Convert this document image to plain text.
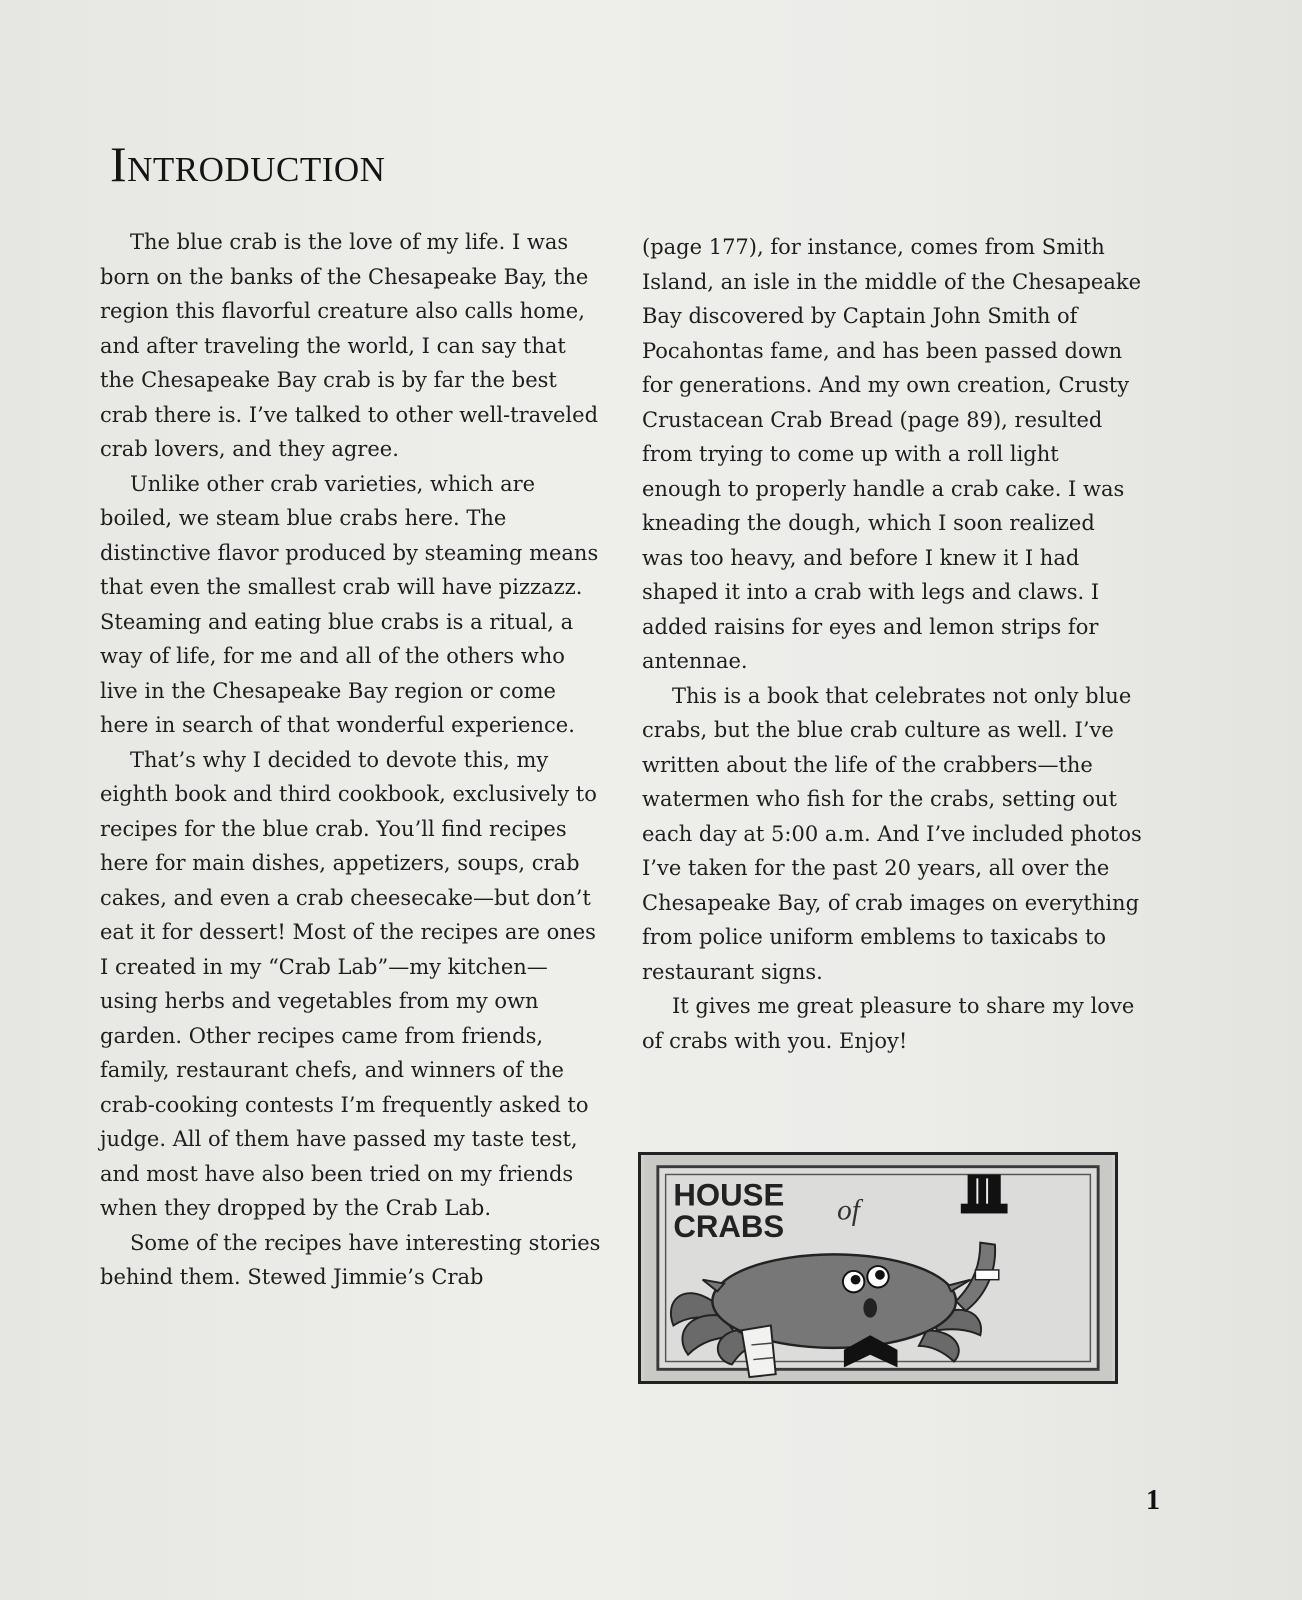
Introduction

The blue crab is the love of my life. I was born on the banks of the Chesapeake Bay, the region this flavorful creature also calls home, and after traveling the world, I can say that the Chesapeake Bay crab is by far the best crab there is. I’ve talked to other well-traveled crab lovers, and they agree.

Unlike other crab varieties, which are boiled, we steam blue crabs here. The distinctive flavor produced by steaming means that even the smallest crab will have pizzazz. Steaming and eating blue crabs is a ritual, a way of life, for me and all of the others who live in the Chesapeake Bay region or come here in search of that wonderful experience.

That’s why I decided to devote this, my eighth book and third cookbook, exclusively to recipes for the blue crab. You’ll find recipes here for main dishes, appetizers, soups, crab cakes, and even a crab cheesecake—but don’t eat it for dessert! Most of the recipes are ones I created in my “Crab Lab”—my kitchen—using herbs and vegetables from my own garden. Other recipes came from friends, family, restaurant chefs, and winners of the crab-cooking contests I’m frequently asked to judge. All of them have passed my taste test, and most have also been tried on my friends when they dropped by the Crab Lab.

Some of the recipes have interesting stories behind them. Stewed Jimmie’s Crab

(page 177), for instance, comes from Smith Island, an isle in the middle of the Chesapeake Bay discovered by Captain John Smith of Pocahontas fame, and has been passed down for generations. And my own creation, Crusty Crustacean Crab Bread (page 89), resulted from trying to come up with a roll light enough to properly handle a crab cake. I was kneading the dough, which I soon realized was too heavy, and before I knew it I had shaped it into a crab with legs and claws. I added raisins for eyes and lemon strips for antennae.

This is a book that celebrates not only blue crabs, but the blue crab culture as well. I’ve written about the life of the crabbers—the watermen who fish for the crabs, setting out each day at 5:00 a.m. And I’ve included photos I’ve taken for the past 20 years, all over the Chesapeake Bay, of crab images on everything from police uniform emblems to taxicabs to restaurant signs.

It gives me great pleasure to share my love of crabs with you. Enjoy!

HOUSE
CRABS of
1
